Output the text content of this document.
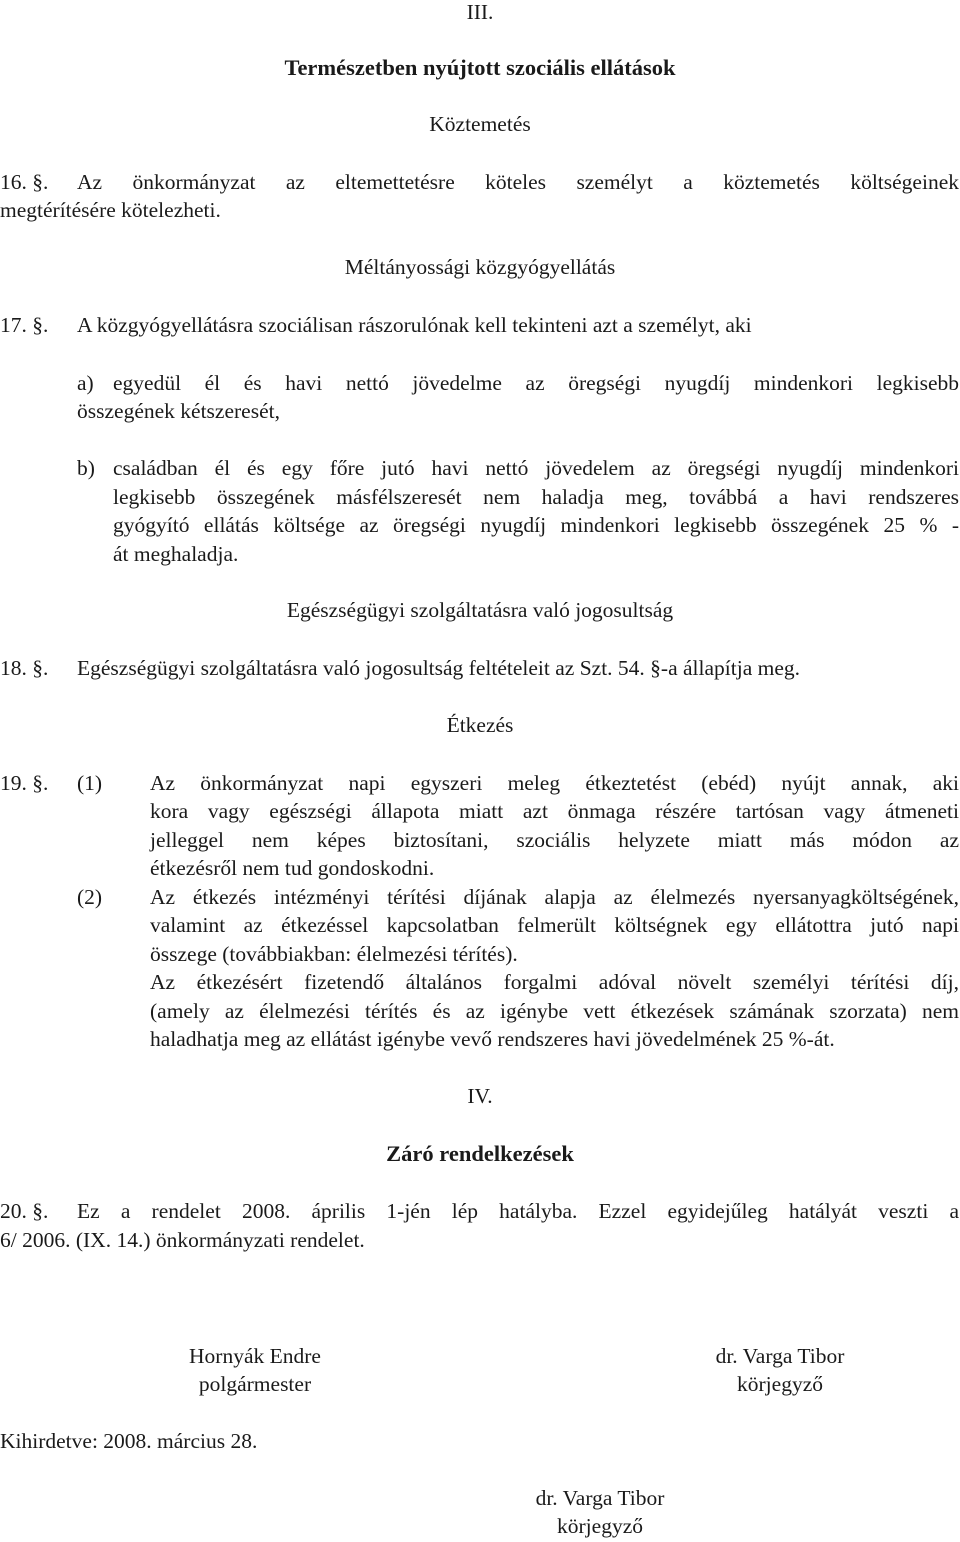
III.
Természetben nyújtott szociális ellátások
Köztemetés
16. §. Az önkormányzat az eltemettetésre köteles személyt a köztemetés költségeinek
megtérítésére kötelezheti.
Méltányossági közgyógyellátás
17. §. A közgyógyellátásra szociálisan rászorulónak kell tekinteni azt a személyt, aki
a) egyedül él és havi nettó jövedelme az öregségi nyugdíj mindenkori legkisebb
összegének kétszeresét,
b) családban él és egy főre jutó havi nettó jövedelem az öregségi nyugdíj mindenkori
legkisebb összegének másfélszeresét nem haladja meg, továbbá a havi rendszeres
gyógyító ellátás költsége az öregségi nyugdíj mindenkori legkisebb összegének 25 % -
át meghaladja.
Egészségügyi szolgáltatásra való jogosultság
18. §. Egészségügyi szolgáltatásra való jogosultság feltételeit az Szt. 54. §-a állapítja meg.
Étkezés
19. §. (1) Az önkormányzat napi egyszeri meleg étkeztetést (ebéd) nyújt annak, aki
kora vagy egészségi állapota miatt azt önmaga részére tartósan vagy átmeneti
jelleggel nem képes biztosítani, szociális helyzete miatt más módon az
étkezésről nem tud gondoskodni.
(2) Az étkezés intézményi térítési díjának alapja az élelmezés nyersanyagköltségének,
valamint az étkezéssel kapcsolatban felmerült költségnek egy ellátottra jutó napi
összege (továbbiakban: élelmezési térítés).
Az étkezésért fizetendő általános forgalmi adóval növelt személyi térítési díj,
(amely az élelmezési térítés és az igénybe vett étkezések számának szorzata) nem
haladhatja meg az ellátást igénybe vevő rendszeres havi jövedelmének 25 %-át.
IV.
Záró rendelkezések
20. §. Ez a rendelet 2008. április 1-jén lép hatályba. Ezzel egyidejűleg hatályát veszti a
6/ 2006. (IX. 14.) önkormányzati rendelet.
Hornyák Endre
polgármester
dr. Varga Tibor
körjegyző
Kihirdetve: 2008. március 28.
dr. Varga Tibor
körjegyző
